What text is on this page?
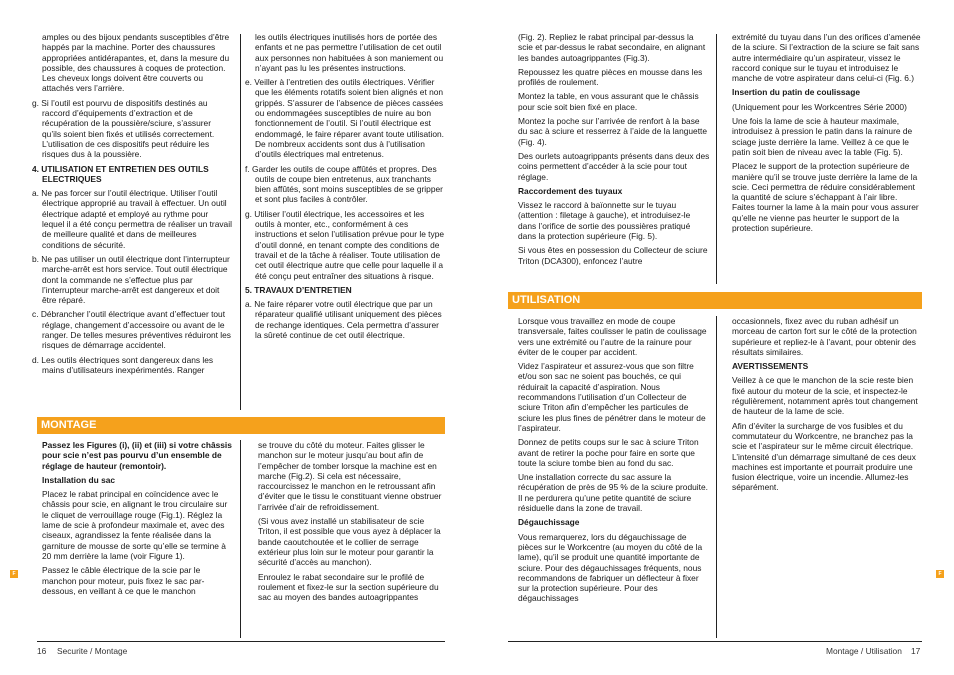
amples ou des bijoux pendants susceptibles d’être happés par la machine. Porter des chaussures appropriées antidérapantes, et, dans la mesure du possible, des chaussures à coques de protection. Les cheveux longs doivent être couverts ou attachés vers l’arrière.

g. Si l’outil est pourvu de dispositifs destinés au raccord d’équipements d’extraction et de récupération de la poussière/sciure, s’assurer qu’ils soient bien fixés et utilisés correctement. L’utilisation de ces dispositifs peut réduire les risques dus à la poussière.

4. UTILISATION ET ENTRETIEN DES OUTILS ELECTRIQUES

a. Ne pas forcer sur l’outil électrique. Utiliser l’outil électrique approprié au travail à effectuer. Un outil électrique adapté et employé au rythme pour lequel il a été conçu permettra de réaliser un travail de meilleure qualité et dans de meilleures conditions de sécurité.

b. Ne pas utiliser un outil électrique dont l’interrupteur marche-arrêt est hors service. Tout outil électrique dont la commande ne s’effectue plus par l’interrupteur marche-arrêt est dangereux et doit être réparé.

c. Débrancher l’outil électrique avant d’effectuer tout réglage, changement d’accessoire ou avant de le ranger. De telles mesures préventives réduiront les risques de démarrage accidentel.

d. Les outils électriques sont dangereux dans les mains d’utilisateurs inexpérimentés. Ranger

les outils électriques inutilisés hors de portée des enfants et ne pas permettre l’utilisation de cet outil aux personnes non habituées à son maniement ou n’ayant pas lu les présentes instructions.

e. Veiller à l’entretien des outils électriques. Vérifier que les éléments rotatifs soient bien alignés et non grippés. S’assurer de l’absence de pièces cassées ou endommagées susceptibles de nuire au bon fonctionnement de l’outil. Si l’outil électrique est endommagé, le faire réparer avant toute utilisation. De nombreux accidents sont dus à l’utilisation d’outils électriques mal entretenus.

f. Garder les outils de coupe affûtés et propres. Des outils de coupe bien entretenus, aux tranchants bien affûtés, sont moins susceptibles de se gripper et sont plus faciles à contrôler.

g. Utiliser l’outil électrique, les accessoires et les outils à monter, etc., conformément à ces instructions et selon l’utilisation prévue pour le type d’outil donné, en tenant compte des conditions de travail et de la tâche à réaliser. Toute utilisation de cet outil électrique autre que celle pour laquelle il a été conçu peut entraîner des situations à risque.

5. TRAVAUX D’ENTRETIEN

a. Ne faire réparer votre outil électrique que par un réparateur qualifié utilisant uniquement des pièces de rechange identiques. Cela permettra d’assurer la sûreté continue de cet outil électrique.

MONTAGE

Passez les Figures (i), (ii) et (iii) si votre châssis pour scie n’est pas pourvu d’un ensemble de réglage de hauteur (remontoir).

Installation du sac

Placez le rabat principal en coïncidence avec le châssis pour scie, en alignant le trou circulaire sur le cliquet de verrouillage rouge (Fig.1). Réglez la lame de scie à profondeur maximale et, avec des ciseaux, agrandissez la fente réalisée dans la garniture de mousse de sorte qu’elle se termine à 20 mm derrière la lame (voir Figure 1).

Passez le câble électrique de la scie par le manchon pour moteur, puis fixez le sac par-dessous, en veillant à ce que le manchon

se trouve du côté du moteur. Faites glisser le manchon sur le moteur jusqu’au bout afin de l’empêcher de tomber lorsque la machine est en marche (Fig.2). Si cela est nécessaire, raccourcissez le manchon en le retroussant afin d’éviter que le tissu le constituant vienne obstruer l’arrivée d’air de refroidissement.

(Si vous avez installé un stabilisateur de scie Triton, il est possible que vous ayez à déplacer la bande caoutchoutée et le collier de serrage extérieur plus loin sur le moteur pour garantir la sécurité d’accès au manchon).

Enroulez le rabat secondaire sur le profilé de roulement et fixez-le sur la section supérieure du sac au moyen des bandes autoagrippantes

16 Securite / Montage
F

(Fig. 2). Repliez le rabat principal par-dessus la scie et par-dessus le rabat secondaire, en alignant les bandes autoagrippantes (Fig.3).

Repoussez les quatre pièces en mousse dans les profilés de roulement.

Montez la table, en vous assurant que le châssis pour scie soit bien fixé en place.

Montez la poche sur l’arrivée de renfort à la base du sac à sciure et resserrez à l’aide de la languette (Fig. 4).

Des ourlets autoagrippants présents dans deux des coins permettent d’accéder à la scie pour tout réglage.

Raccordement des tuyaux

Vissez le raccord à baïonnette sur le tuyau (attention : filetage à gauche), et introduisez-le dans l’orifice de sortie des poussières pratiqué dans la protection supérieure (Fig. 5).

Si vous êtes en possession du Collecteur de sciure Triton (DCA300), enfoncez l’autre

extrémité du tuyau dans l’un des orifices d’amenée de la sciure. Si l’extraction de la sciure se fait sans autre intermédiaire qu’un aspirateur, vissez le raccord conique sur le tuyau et introduisez le manche de votre aspirateur dans celui-ci (Fig. 6.)

Insertion du patin de coulissage

(Uniquement pour les Workcentres Série 2000)

Une fois la lame de scie à hauteur maximale, introduisez à pression le patin dans la rainure de sciage juste derrière la lame. Veillez à ce que le patin soit bien de niveau avec la table (Fig. 5).

Placez le support de la protection supérieure de manière qu’il se trouve juste derrière la lame de la scie. Ceci permettra de réduire considérablement la quantité de sciure s’échappant à l’air libre. Faites tourner la lame à la main pour vous assurer qu’elle ne vienne pas heurter le support de la protection supérieure.

UTILISATION

Lorsque vous travaillez en mode de coupe transversale, faites coulisser le patin de coulissage vers une extrémité ou l’autre de la rainure pour éviter de le couper par accident.

Videz l’aspirateur et assurez-vous que son filtre et/ou son sac ne soient pas bouchés, ce qui réduirait la capacité d’aspiration. Nous recommandons l’utilisation d’un Collecteur de sciure Triton afin d’empêcher les particules de sciure les plus fines de pénétrer dans le moteur de l’aspirateur.

Donnez de petits coups sur le sac à sciure Triton avant de retirer la poche pour faire en sorte que toute la sciure tombe bien au fond du sac.

Une installation correcte du sac assure la récupération de près de 95 % de la sciure produite. Il ne perdurera qu’une petite quantité de sciure résiduelle dans la zone de travail.

Dégauchissage

Vous remarquerez, lors du dégauchissage de pièces sur le Workcentre (au moyen du côté de la lame), qu’il se produit une quantité importante de sciure. Pour des dégauchissages fréquents, nous recommandons de fabriquer un déflecteur à fixer sur la protection supérieure. Pour des dégauchissages

occasionnels, fixez avec du ruban adhésif un morceau de carton fort sur le côté de la protection supérieure et repliez-le à l’avant, pour obtenir des résultats similaires.

AVERTISSEMENTS

Veillez à ce que le manchon de la scie reste bien fixé autour du moteur de la scie, et inspectez-le régulièrement, notamment après tout changement de hauteur de la lame de scie.

Afin d’éviter la surcharge de vos fusibles et du commutateur du Workcentre, ne branchez pas la scie et l’aspirateur sur le même circuit électrique. L’intensité d’un démarrage simultané de ces deux machines est importante et pourrait produire une fusion électrique, voire un incendie. Allumez-les séparément.

Montage / Utilisation 17
F
